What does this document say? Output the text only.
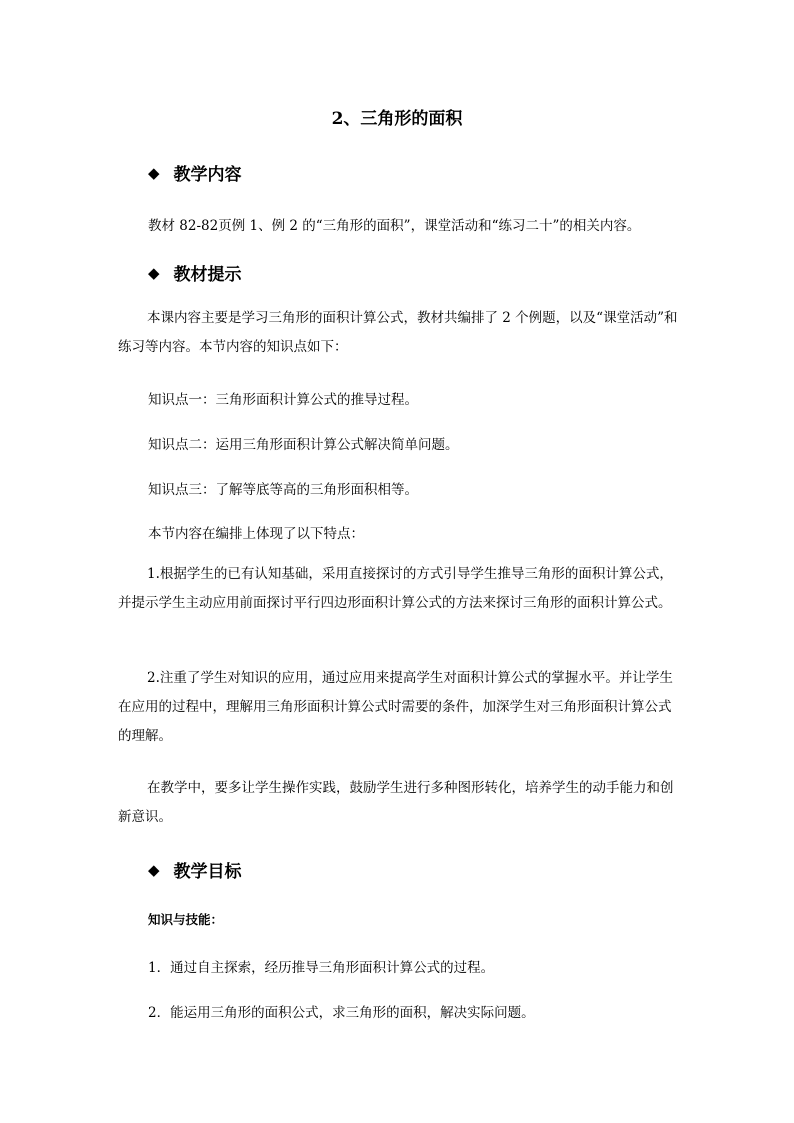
2、三角形的面积
◆ 教学内容
教材 82-82页例 1、例 2 的“三角形的面积”，课堂活动和“练习二十”的相关内容。
◆ 教材提示

本课内容主要是学习三角形的面积计算公式，教材共编排了 2 个例题，以及“课堂活动”和练习等内容。本节内容的知识点如下：

知识点一：三角形面积计算公式的推导过程。
知识点二：运用三角形面积计算公式解决简单问题。
知识点三：了解等底等高的三角形面积相等。
本节内容在编排上体现了以下特点：

1.根据学生的已有认知基础，采用直接探讨的方式引导学生推导三角形的面积计算公式，并提示学生主动应用前面探讨平行四边形面积计算公式的方法来探讨三角形的面积计算公式。

2.注重了学生对知识的应用，通过应用来提高学生对面积计算公式的掌握水平。并让学生在应用的过程中，理解用三角形面积计算公式时需要的条件，加深学生对三角形面积计算公式的理解。

在教学中，要多让学生操作实践，鼓励学生进行多种图形转化，培养学生的动手能力和创新意识。

◆ 教学目标
知识与技能：
1．通过自主探索，经历推导三角形面积计算公式的过程。
2．能运用三角形的面积公式，求三角形的面积，解决实际问题。
